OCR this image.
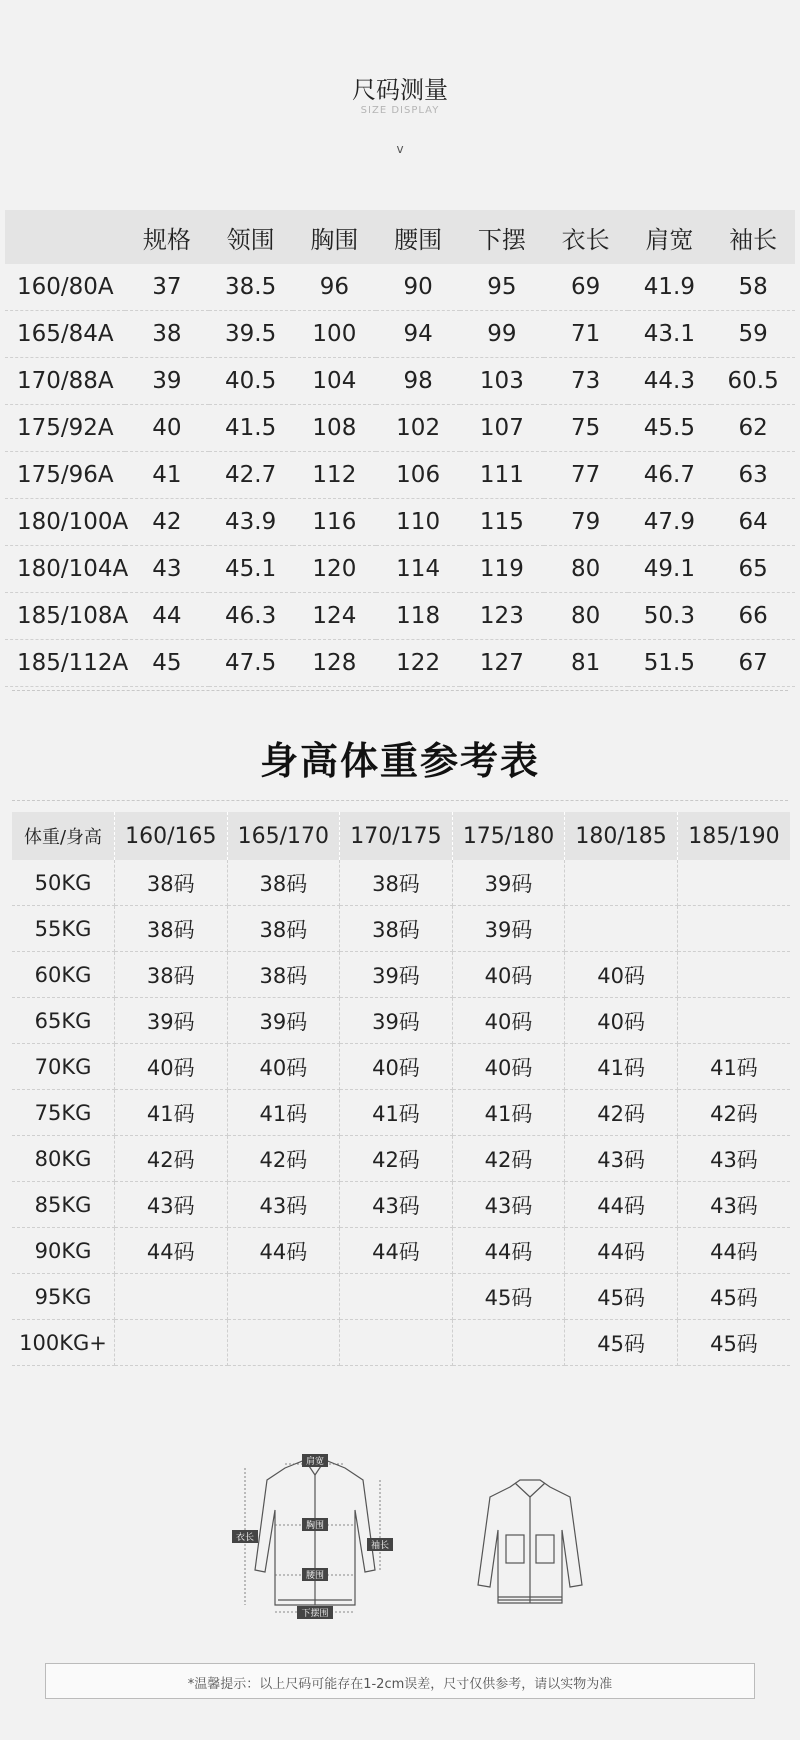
尺码测量
SIZE DISPLAY
v
	规格	领围	胸围	腰围	下摆	衣长	肩宽	袖长
160/80A	37	38.5	96	90	95	69	41.9	58
165/84A	38	39.5	100	94	99	71	43.1	59
170/88A	39	40.5	104	98	103	73	44.3	60.5
175/92A	40	41.5	108	102	107	75	45.5	62
175/96A	41	42.7	112	106	111	77	46.7	63
180/100A	42	43.9	116	110	115	79	47.9	64
180/104A	43	45.1	120	114	119	80	49.1	65
185/108A	44	46.3	124	118	123	80	50.3	66
185/112A	45	47.5	128	122	127	81	51.5	67
身高体重参考表
体重/身高	160/165	165/170	170/175	175/180	180/185	185/190
50KG	38码	38码	38码	39码		
55KG	38码	38码	38码	39码		
60KG	38码	38码	39码	40码	40码	
65KG	39码	39码	39码	40码	40码	
70KG	40码	40码	40码	40码	41码	41码
75KG	41码	41码	41码	41码	42码	42码
80KG	42码	42码	42码	42码	43码	43码
85KG	43码	43码	43码	43码	44码	43码
90KG	44码	44码	44码	44码	44码	44码
95KG				45码	45码	45码
100KG+					45码	45码
肩宽
衣长
胸围
袖长
腰围
下摆围
*温馨提示：以上尺码可能存在1-2cm误差，尺寸仅供参考，请以实物为准
